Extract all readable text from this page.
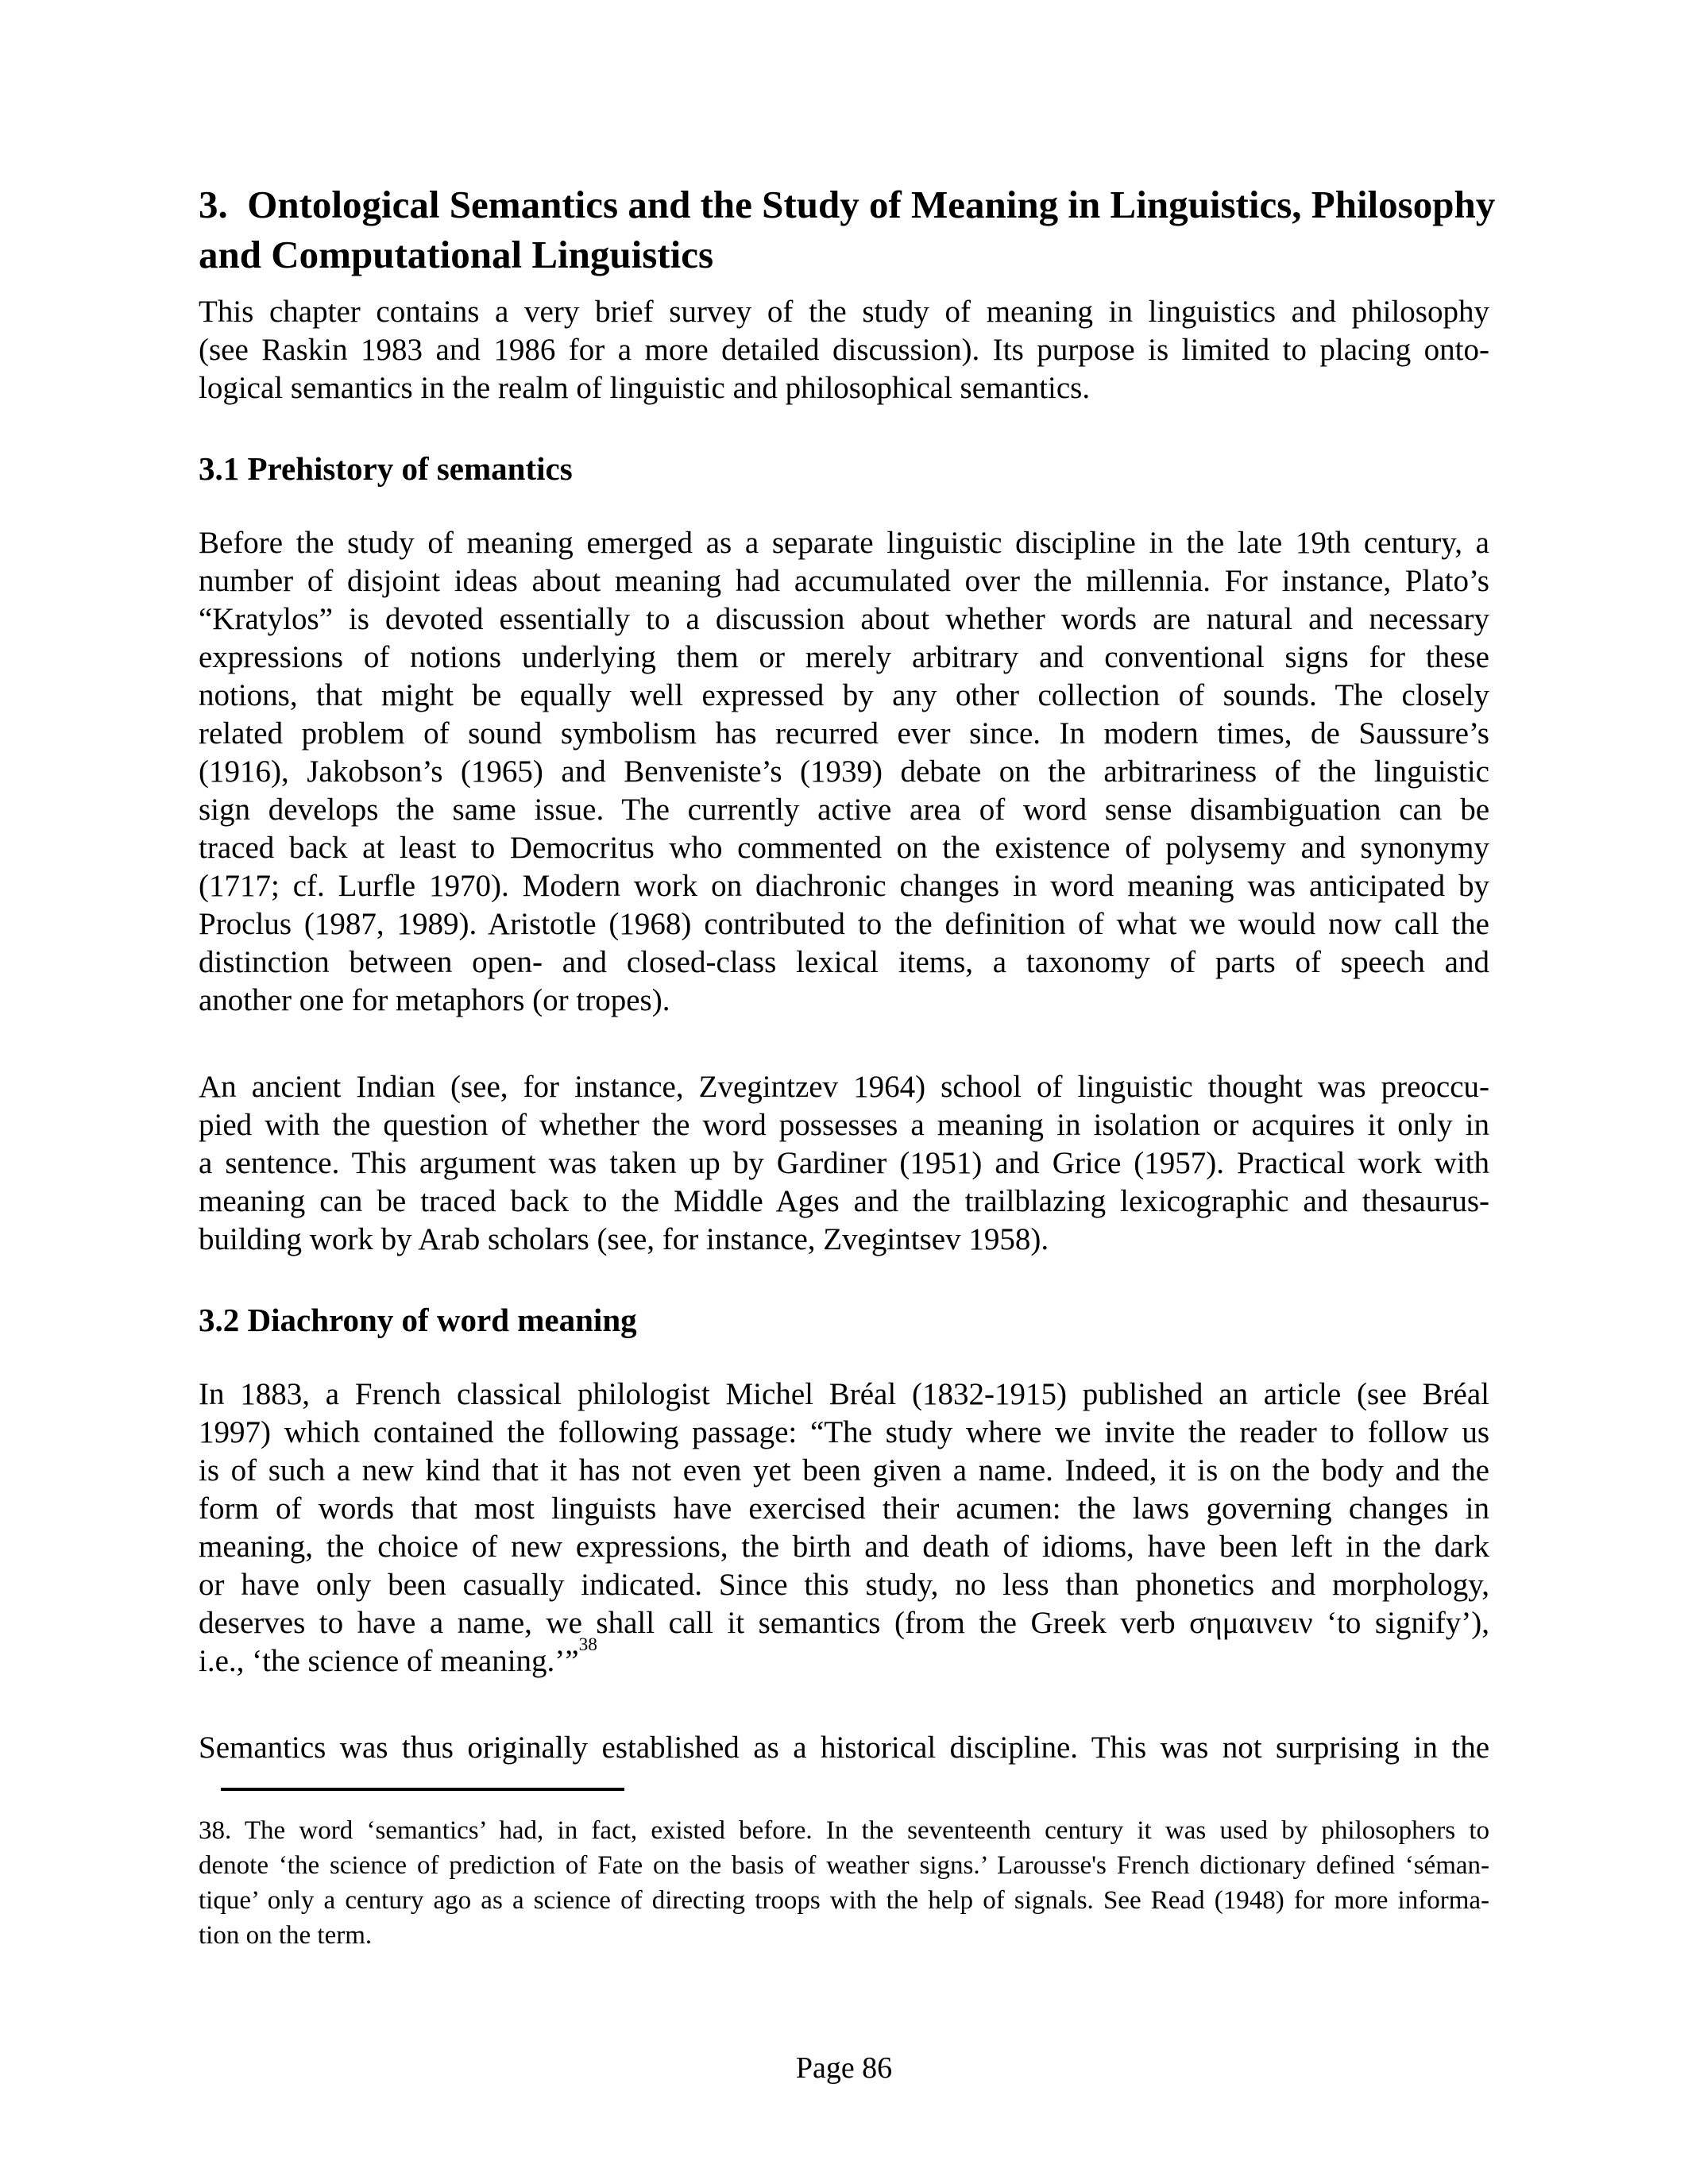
3.  Ontological Semantics and the Study of Meaning in Linguistics, Philosophy
and Computational Linguistics
This chapter contains a very brief survey of the study of meaning in linguistics and philosophy
(see Raskin 1983 and 1986 for a more detailed discussion). Its purpose is limited to placing onto-
logical semantics in the realm of linguistic and philosophical semantics.
3.1 Prehistory of semantics
Before the study of meaning emerged as a separate linguistic discipline in the late 19th century, a
number of disjoint ideas about meaning had accumulated over the millennia. For instance, Plato’s
“Kratylos” is devoted essentially to a discussion about whether words are natural and necessary
expressions of notions underlying them or merely arbitrary and conventional signs for these
notions, that might be equally well expressed by any other collection of sounds. The closely
related problem of sound symbolism has recurred ever since. In modern times, de Saussure’s
(1916), Jakobson’s (1965) and Benveniste’s (1939) debate on the arbitrariness of the linguistic
sign develops the same issue. The currently active area of word sense disambiguation can be
traced back at least to Democritus who commented on the existence of polysemy and synonymy
(1717; cf. Lurfle 1970). Modern work on diachronic changes in word meaning was anticipated by
Proclus (1987, 1989). Aristotle (1968) contributed to the definition of what we would now call the
distinction between open- and closed-class lexical items, a taxonomy of parts of speech and
another one for metaphors (or tropes).
An ancient Indian (see, for instance, Zvegintzev 1964) school of linguistic thought was preoccu-
pied with the question of whether the word possesses a meaning in isolation or acquires it only in
a sentence. This argument was taken up by Gardiner (1951) and Grice (1957). Practical work with
meaning can be traced back to the Middle Ages and the trailblazing lexicographic and thesaurus-
building work by Arab scholars (see, for instance, Zvegintsev 1958).
3.2 Diachrony of word meaning
In 1883, a French classical philologist Michel Bréal (1832-1915) published an article (see Bréal
1997) which contained the following passage: “The study where we invite the reader to follow us
is of such a new kind that it has not even yet been given a name. Indeed, it is on the body and the
form of words that most linguists have exercised their acumen: the laws governing changes in
meaning, the choice of new expressions, the birth and death of idioms, have been left in the dark
or have only been casually indicated. Since this study, no less than phonetics and morphology,
deserves to have a name, we shall call it semantics (from the Greek verb σημαινειν ‘to signify’),
i.e., ‘the science of meaning.’”$^{38}$
Semantics was thus originally established as a historical discipline. This was not surprising in the
38. The word ‘semantics’ had, in fact, existed before. In the seventeenth century it was used by philosophers to
denote ‘the science of prediction of Fate on the basis of weather signs.’ Larousse's French dictionary defined ‘séman-
tique’ only a century ago as a science of directing troops with the help of signals. See Read (1948) for more informa-
tion on the term.
Page 86
